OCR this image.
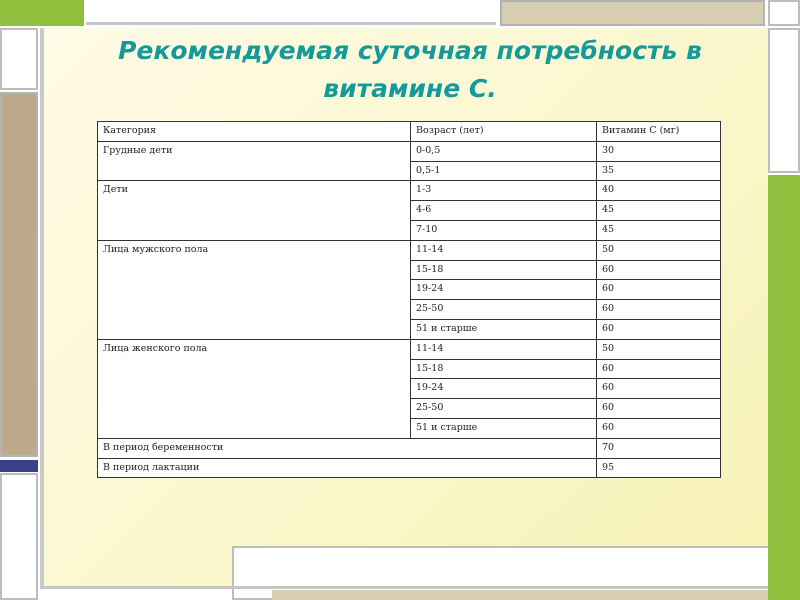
Рекомендуемая суточная потребность в витамине С.
Категория	Возраст (лет)	Витамин С (мг)
Грудные дети	0-0,5	30
	0,5-1	35
Дети	1-3	40
	4-6	45
	7-10	45
Лица мужского пола	11-14	50
	15-18	60
	19-24	60
	25-50	60
	51 и старше	60
Лица женского пола	11-14	50
	15-18	60
	19-24	60
	25-50	60
	51 и старше	60
В период беременности		70
В период лактации		95
